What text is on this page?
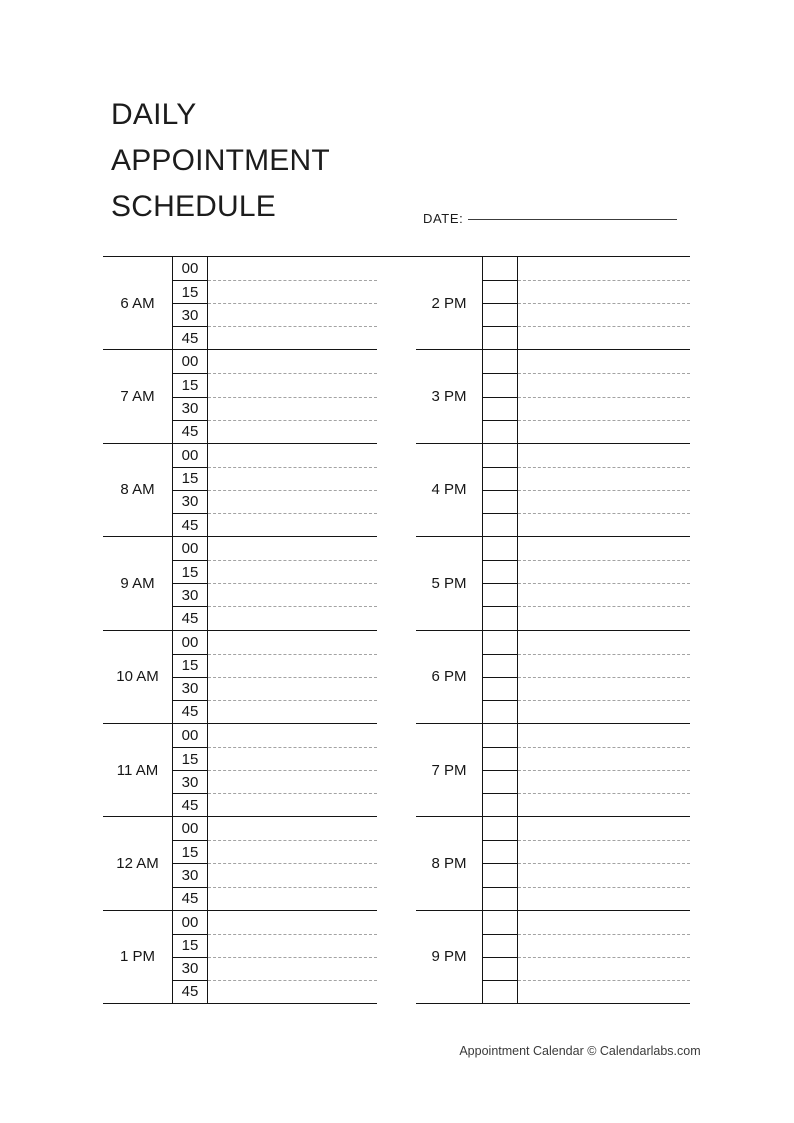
DAILY
APPOINTMENT
SCHEDULE	DATE:
6 AM
00
15
30
45
7 AM
00
15
30
45
8 AM
00
15
30
45
9 AM
00
15
30
45
10 AM
00
15
30
45
11 AM
00
15
30
45
12 AM
00
15
30
45
1 PM
00
15
30
45
2 PM
3 PM
4 PM
5 PM
6 PM
7 PM
8 PM
9 PM
Appointment Calendar © Calendarlabs.com
